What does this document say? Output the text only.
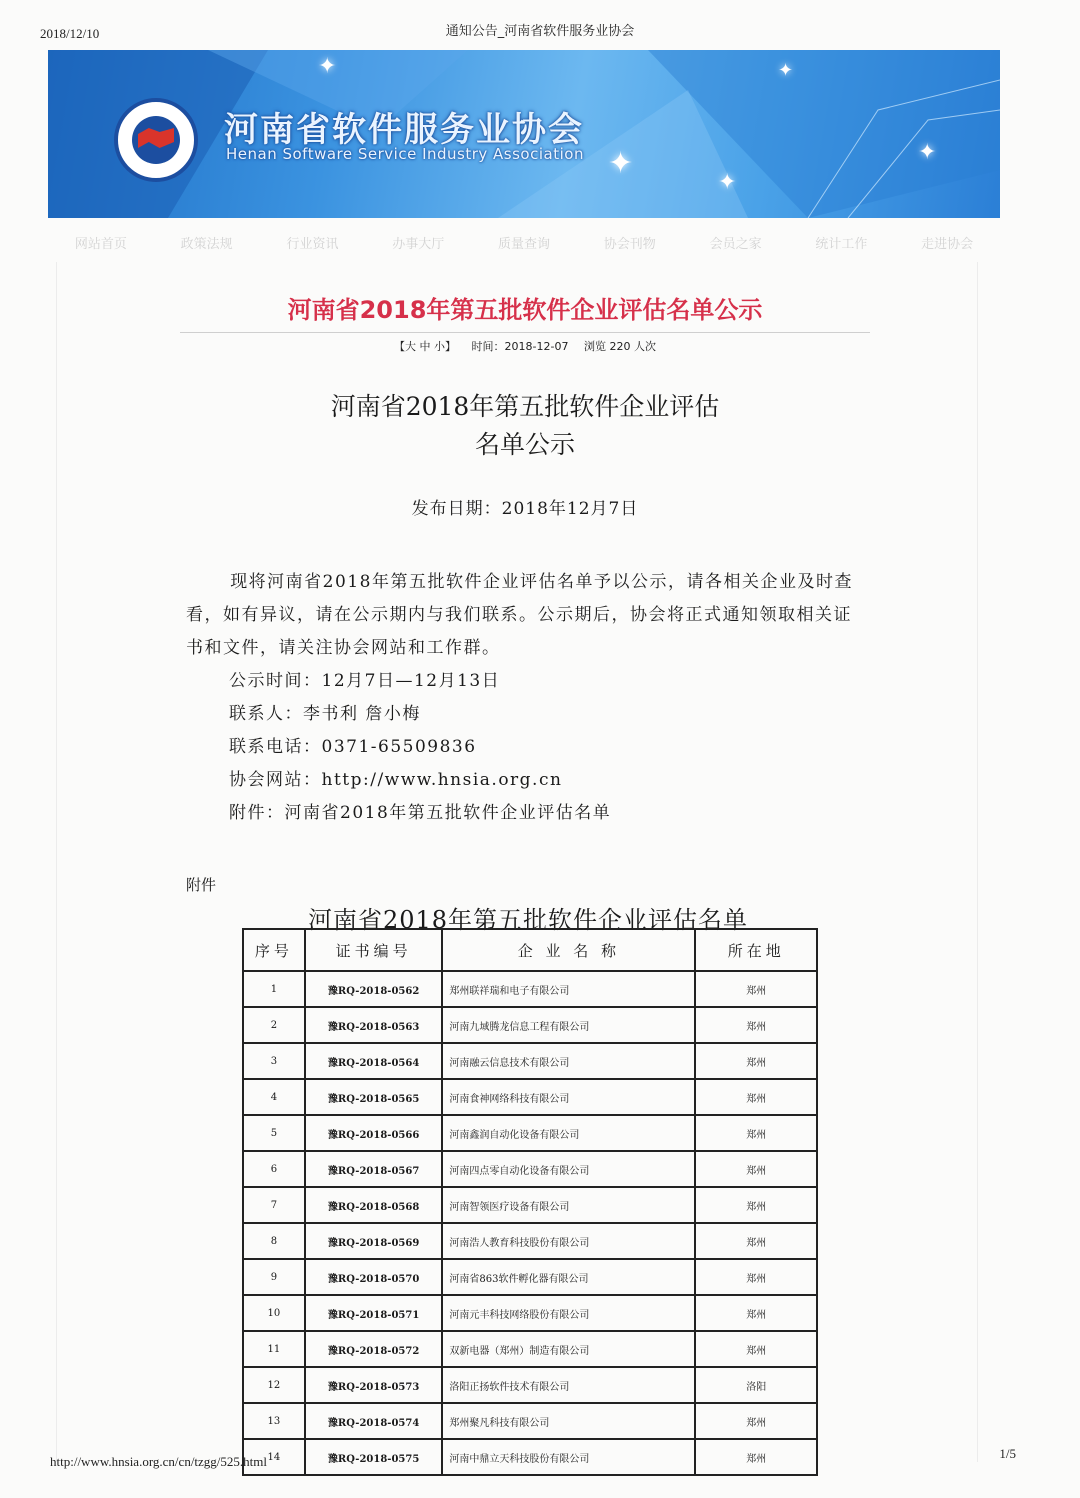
2018/12/10	通知公告_河南省软件服务业协会
✦
✦
✦
✦
✦
河南省软件服务业协会
Henan Software Service Industry Association
网站首页	政策法规	行业资讯	办事大厅	质量查询	协会刊物	会员之家	统计工作	走进协会
河南省2018年第五批软件企业评估名单公示
【大 中 小】 时间：2018-12-07 浏览 220 人次
河南省2018年第五批软件企业评估
名单公示
发布日期：2018年12月7日

现将河南省2018年第五批软件企业评估名单予以公示，请各相关企业及时查看，如有异议，请在公示期内与我们联系。公示期后，协会将正式通知领取相关证书和文件，请关注协会网站和工作群。

公示时间：12月7日—12月13日

联系人：李书利 詹小梅

联系电话：0371-65509836

协会网站：http://www.hnsia.org.cn

附件：河南省2018年第五批软件企业评估名单

附件
河南省2018年第五批软件企业评估名单
序号	证书编号	企 业 名 称	所在地
1	豫RQ-2018-0562	郑州联祥瑞和电子有限公司	郑州
2	豫RQ-2018-0563	河南九域腾龙信息工程有限公司	郑州
3	豫RQ-2018-0564	河南融云信息技术有限公司	郑州
4	豫RQ-2018-0565	河南食神网络科技有限公司	郑州
5	豫RQ-2018-0566	河南鑫润自动化设备有限公司	郑州
6	豫RQ-2018-0567	河南四点零自动化设备有限公司	郑州
7	豫RQ-2018-0568	河南智领医疗设备有限公司	郑州
8	豫RQ-2018-0569	河南浩人教育科技股份有限公司	郑州
9	豫RQ-2018-0570	河南省863软件孵化器有限公司	郑州
10	豫RQ-2018-0571	河南元丰科技网络股份有限公司	郑州
11	豫RQ-2018-0572	双新电器（郑州）制造有限公司	郑州
12	豫RQ-2018-0573	洛阳正扬软件技术有限公司	洛阳
13	豫RQ-2018-0574	郑州聚凡科技有限公司	郑州
14	豫RQ-2018-0575	河南中鼎立天科技股份有限公司	郑州
http://www.hnsia.org.cn/cn/tzgg/525.html
1/5
